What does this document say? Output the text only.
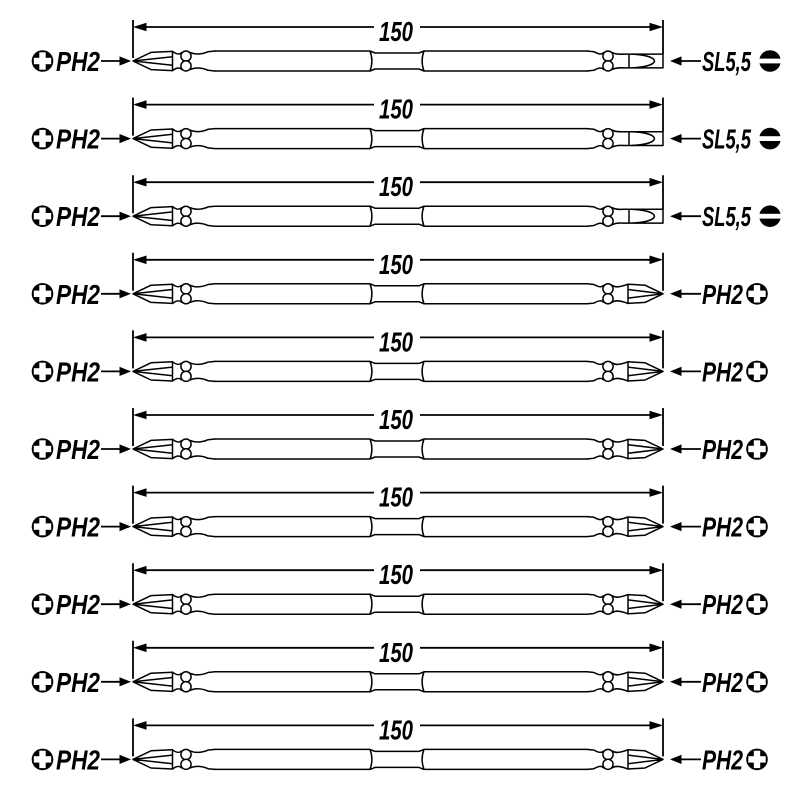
150
PH2	SL5,5
150
PH2	SL5,5
150
PH2	SL5,5
150
PH2	PH2
150
PH2	PH2
150
PH2	PH2
150
PH2	PH2
150
PH2	PH2
150
PH2	PH2
150
PH2	PH2
